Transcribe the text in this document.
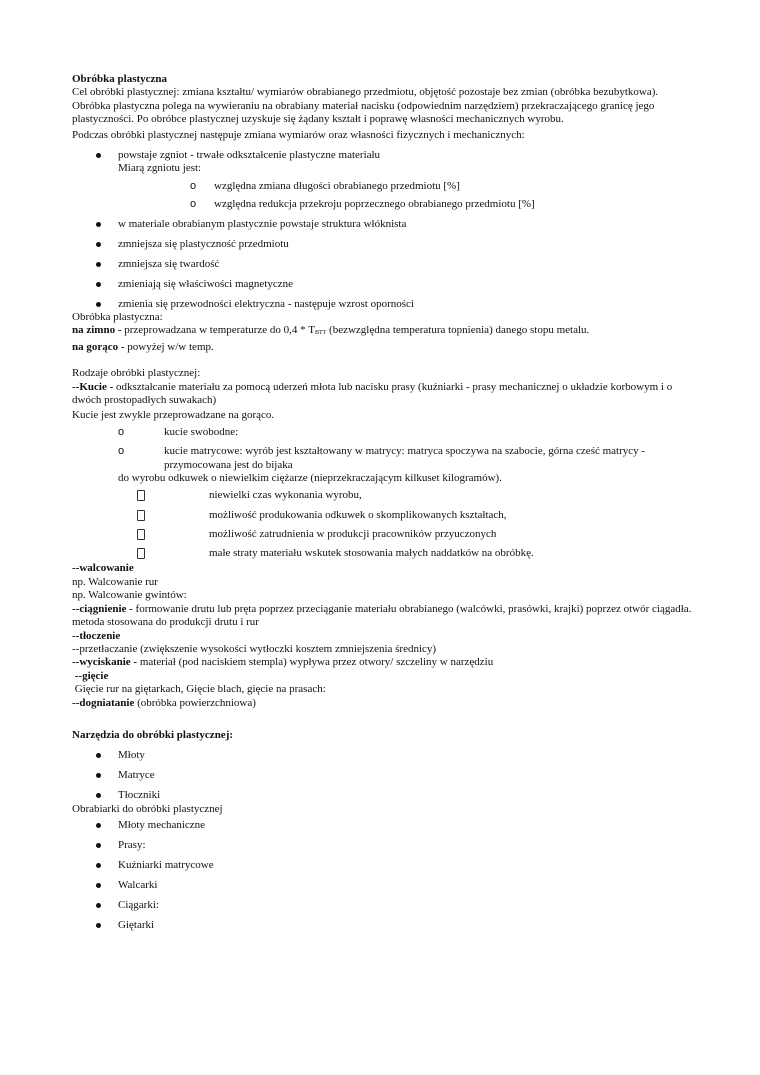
Obróbka plastyczna

Cel obróbki plastycznej: zmiana kształtu/ wymiarów obrabianego przedmiotu, objętość pozostaje bez zmian (obróbka bezubytkowa).

Obróbka plastyczna polega na wywieraniu na obrabiany materiał nacisku (odpowiednim narzędziem) przekraczającego granicę jego plastyczności. Po obróbce plastycznej uzyskuje się żądany kształt i poprawę własności mechanicznych wyrobu.

Podczas obróbki plastycznej następuje zmiana wymiarów oraz własności fizycznych i mechanicznych:

powstaje zgniot - trwałe odkształcenie plastyczne materiału
Miarą zgniotu jest:
o względna zmiana długości obrabianego przedmiotu [%]
o względna redukcja przekroju poprzecznego obrabianego przedmiotu [%]
w materiale obrabianym plastycznie powstaje struktura włóknista
zmniejsza się plastyczność przedmiotu
zmniejsza się twardość
zmieniają się właściwości magnetyczne
zmienia się przewodności elektryczna - następuje wzrost oporności

Obróbka plastyczna:

na zimno - przeprowadzana w temperaturze do $0,4 * T_{BTT}$ (bezwzględna temperatura topnienia) danego stopu metalu.

na gorąco - powyżej w/w temp.

Rodzaje obróbki plastycznej:

--Kucie - odkształcanie materiału za pomocą uderzeń młota lub nacisku prasy (kuźniarki - prasy mechanicznej o układzie korbowym i o dwóch prostopadłych suwakach)

Kucie jest zwykle przeprowadzane na gorąco.

o	kucie swobodne:
o	kucie matrycowe: wyrób jest kształtowany w matrycy: matryca spoczywa na szabocie, górna cześć matrycy - przymocowana jest do bijaka
do wyrobu odkuwek o niewielkim ciężarze (nieprzekraczającym kilkuset kilogramów).
niewielki czas wykonania wyrobu,
możliwość produkowania odkuwek o skomplikowanych kształtach,
możliwość zatrudnienia w produkcji pracowników przyuczonych
małe straty materiału wskutek stosowania małych naddatków na obróbkę.

--walcowanie

np. Walcowanie rur

np. Walcowanie gwintów:

--ciągnienie - formowanie drutu lub pręta poprzez przeciąganie materiału obrabianego (walcówki, prasówki, krajki) poprzez otwór ciągadła.

metoda stosowana do produkcji drutu i rur

--tłoczenie

--przetłaczanie (zwiększenie wysokości wytłoczki kosztem zmniejszenia średnicy)

--wyciskanie - materiał (pod naciskiem stempla) wypływa przez otwory/ szczeliny w narzędziu

--gięcie

Gięcie rur na giętarkach, Gięcie blach, gięcie na prasach:

--dogniatanie (obróbka powierzchniowa)

Narzędzia do obróbki plastycznej:

Młoty
Matryce
Tłoczniki

Obrabiarki do obróbki plastycznej

Młoty mechaniczne
Prasy:
Kuźniarki matrycowe
Walcarki
Ciągarki:
Giętarki
